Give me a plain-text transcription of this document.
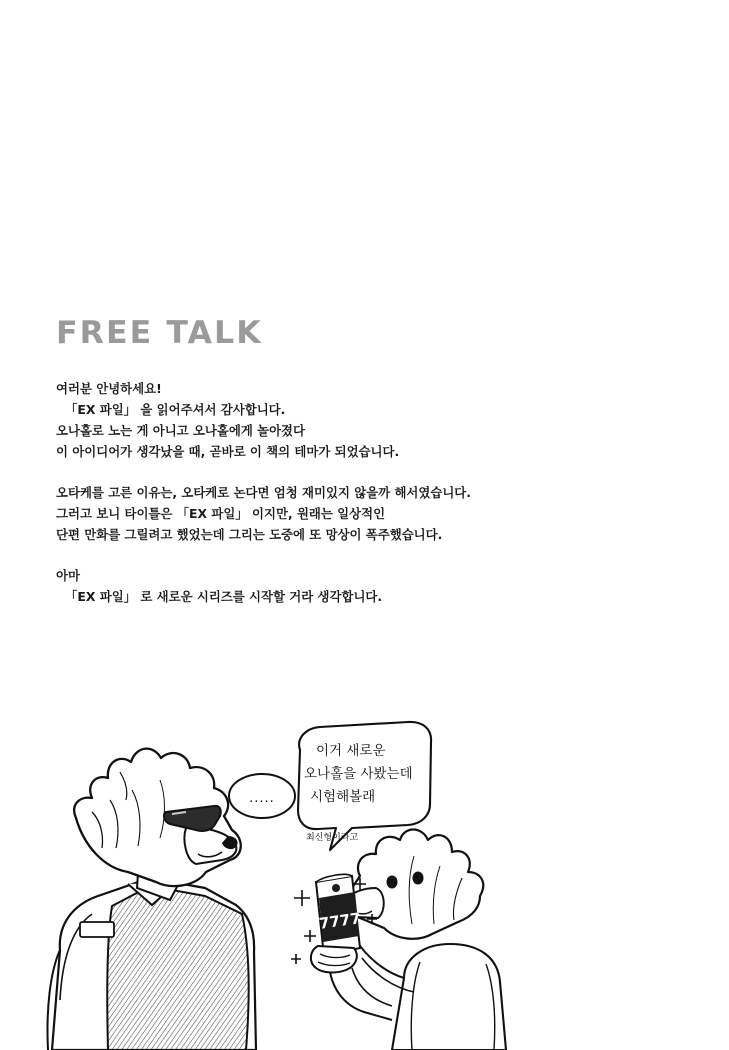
FREE TALK
여러분 안녕하세요!
「EX 파일」 을 읽어주셔서 감사합니다.
오나홀로 노는 게 아니고 오나홀에게 놀아졌다
이 아이디어가 생각났을 때, 곧바로 이 책의 테마가 되었습니다.
오타케를 고른 이유는, 오타케로 논다면 엄청 재미있지 않을까 해서였습니다.
그러고 보니 타이틀은 「EX 파일」 이지만, 원래는 일상적인
단편 만화를 그릴려고 했었는데 그리는 도중에 또 망상이 폭주했습니다.
아마
「EX 파일」 로 새로운 시리즈를 시작할 거라 생각합니다.
.....
이거 새로운
오나홀을 사봤는데
시험해볼래
최신형이라고
7777
